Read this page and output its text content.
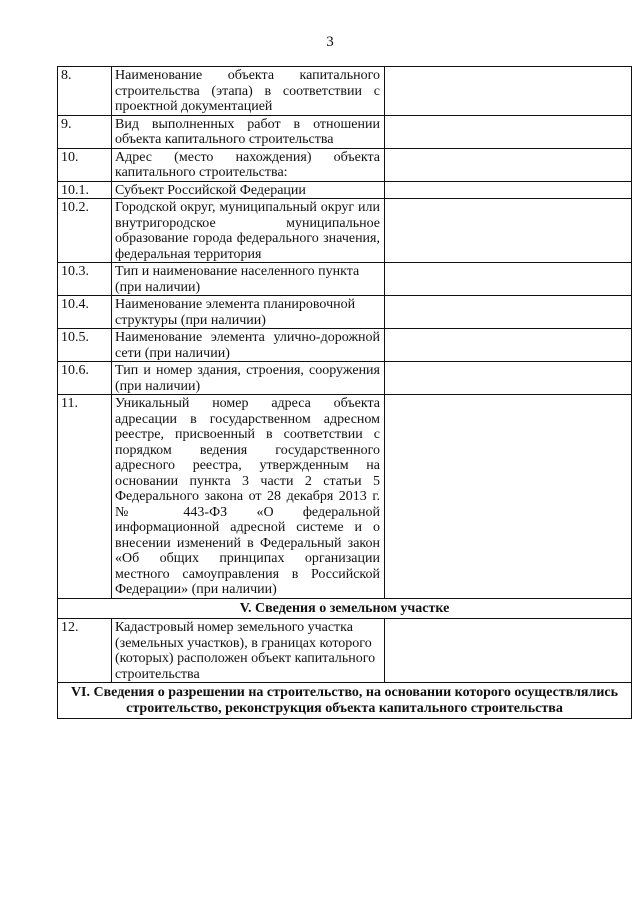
3
8.	Наименование объекта капитального строительства (этапа) в соответствии с проектной документацией	
9.	Вид выполненных работ в отношении объекта капитального строительства	
10.	Адрес (место нахождения) объекта капитального строительства:	
10.1.	Субъект Российской Федерации	
10.2.	Городской округ, муниципальный округ или внутригородское муниципальное образование города федерального значения, федеральная территория	
10.3.	Тип и наименование населенного пункта (при наличии)	
10.4.	Наименование элемента планировочной структуры (при наличии)	
10.5.	Наименование элемента улично-дорожной сети (при наличии)	
10.6.	Тип и номер здания, строения, сооружения (при наличии)	
11.	Уникальный номер адреса объекта адресации в государственном адресном реестре, присвоенный в соответствии с порядком ведения государственного адресного реестра, утвержденным на основании пункта 3 части 2 статьи 5 Федерального закона от 28 декабря 2013 г. № 443-ФЗ «О федеральной информационной адресной системе и о внесении изменений в Федеральный закон «Об общих принципах организации местного самоуправления в Российской Федерации» (при наличии)	
V. Сведения о земельном участке		
12.	Кадастровый номер земельного участка (земельных участков), в границах которого (которых) расположен объект капитального строительства	
VI. Сведения о разрешении на строительство, на основании которого осуществлялись строительство, реконструкция объекта капитального строительства		
